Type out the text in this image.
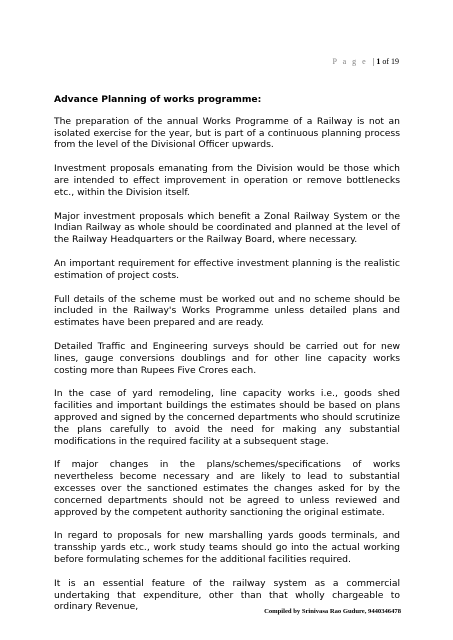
P a g e | 1 of 19
Advance Planning of works programme:

The preparation of the annual Works Programme of a Railway is not an isolated exercise for the year, but is part of a continuous planning process from the level of the Divisional Officer upwards.

Investment proposals emanating from the Division would be those which are intended to effect improvement in operation or remove bottlenecks etc., within the Division itself.

Major investment proposals which benefit a Zonal Railway System or the Indian Railway as whole should be coordinated and planned at the level of the Railway Headquarters or the Railway Board, where necessary.

An important requirement for effective investment planning is the realistic estimation of project costs.

Full details of the scheme must be worked out and no scheme should be included in the Railway's Works Programme unless detailed plans and estimates have been prepared and are ready.

Detailed Traffic and Engineering surveys should be carried out for new lines, gauge conversions doublings and for other line capacity works costing more than Rupees Five Crores each.

In the case of yard remodeling, line capacity works i.e., goods shed facilities and important buildings the estimates should be based on plans approved and signed by the concerned departments who should scrutinize the plans carefully to avoid the need for making any substantial modifications in the required facility at a subsequent stage.

If major changes in the plans/schemes/specifications of works nevertheless become necessary and are likely to lead to substantial excesses over the sanctioned estimates the changes asked for by the concerned departments should not be agreed to unless reviewed and approved by the competent authority sanctioning the original estimate.

In regard to proposals for new marshalling yards goods terminals, and transship yards etc., work study teams should go into the actual working before formulating schemes for the additional facilities required.

It is an essential feature of the railway system as a commercial undertaking that expenditure, other than that wholly chargeable to ordinary Revenue,	Compiled by Srinivasa Rao Gudure, 9440346478
